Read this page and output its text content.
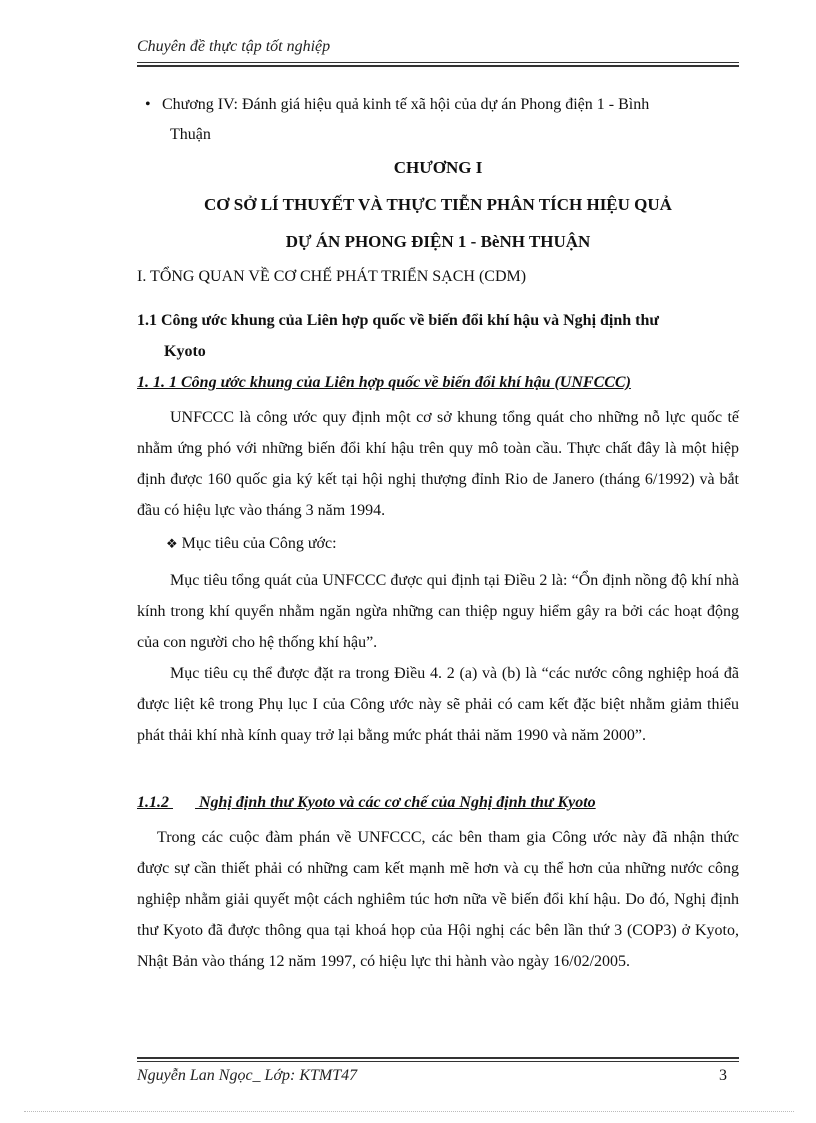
Chuyên đề thực tập tốt nghiệp
• Chương IV: Đánh giá hiệu quả kinh tế xã hội của dự án Phong điện 1 - Bình
Thuận
CHƯƠNG I
CƠ SỞ LÍ THUYẾT VÀ THỰC TIỄN PHÂN TÍCH HIỆU QUẢ
DỰ ÁN PHONG ĐIỆN 1 - BèNH THUẬN
I. TỔNG QUAN VỀ CƠ CHẾ PHÁT TRIỂN SẠCH (CDM)
1.1 Công ước khung của Liên hợp quốc về biến đổi khí hậu và Nghị định thư
Kyoto
1. 1. 1 Công ước khung của Liên hợp quốc về biến đổi khí hậu (UNFCCC)
UNFCCC là công ước quy định một cơ sở khung tổng quát cho những nỗ lực quốc tế nhằm ứng phó với những biến đổi khí hậu trên quy mô toàn cầu. Thực chất đây là một hiệp định được 160 quốc gia ký kết tại hội nghị thượng đỉnh Rio de Janero (tháng 6/1992) và bắt đầu có hiệu lực vào tháng 3 năm 1994.
❖ Mục tiêu của Công ước:
Mục tiêu tổng quát của UNFCCC được qui định tại Điều 2 là: “Ổn định nồng độ khí nhà kính trong khí quyển nhằm ngăn ngừa những can thiệp nguy hiểm gây ra bởi các hoạt động của con người cho hệ thống khí hậu”.
Mục tiêu cụ thể được đặt ra trong Điều 4. 2 (a) và (b) là “các nước công nghiệp hoá đã được liệt kê trong Phụ lục I của Công ước này sẽ phải có cam kết đặc biệt nhằm giảm thiểu phát thải khí nhà kính quay trở lại bằng mức phát thải năm 1990 và năm 2000”.
1.1.2 Nghị định thư Kyoto và các cơ chế của Nghị định thư Kyoto
Trong các cuộc đàm phán về UNFCCC, các bên tham gia Công ước này đã nhận thức được sự cần thiết phải có những cam kết mạnh mẽ hơn và cụ thể hơn của những nước công nghiệp nhằm giải quyết một cách nghiêm túc hơn nữa về biến đổi khí hậu. Do đó, Nghị định thư Kyoto đã được thông qua tại khoá họp của Hội nghị các bên lần thứ 3 (COP3) ở Kyoto, Nhật Bản vào tháng 12 năm 1997, có hiệu lực thi hành vào ngày 16/02/2005.
Nguyễn Lan Ngọc_ Lớp: KTMT47	3
